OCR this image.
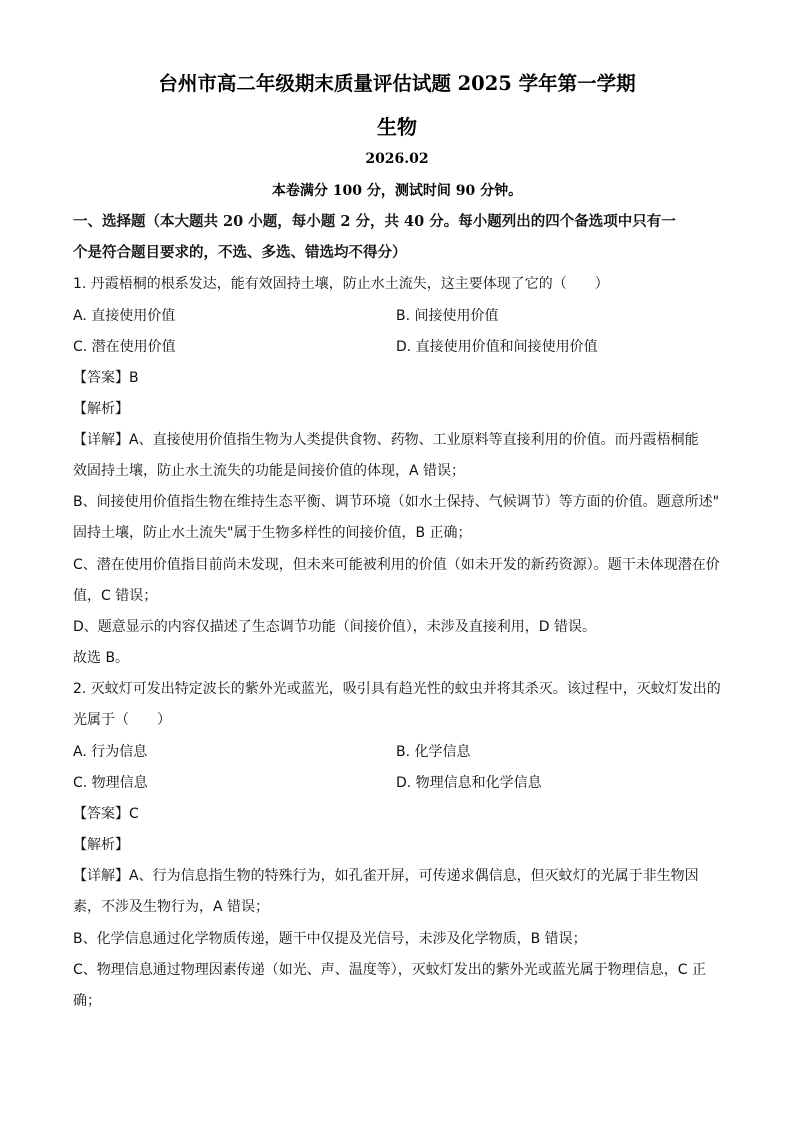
台州市高二年级期末质量评估试题 2025 学年第一学期
生物
2026.02
本卷满分 100 分，测试时间 90 分钟。
一、选择题（本大题共 20 小题，每小题 2 分，共 40 分。每小题列出的四个备选项中只有一
个是符合题目要求的，不选、多选、错选均不得分）
1. 丹霞梧桐的根系发达，能有效固持土壤，防止水土流失，这主要体现了它的（　　）
A. 直接使用价值	B. 间接使用价值
C. 潜在使用价值	D. 直接使用价值和间接使用价值
【答案】B
【解析】
【详解】A、直接使用价值指生物为人类提供食物、药物、工业原料等直接利用的价值。而丹霞梧桐能
效固持土壤，防止水土流失的功能是间接价值的体现，A 错误；
B、间接使用价值指生物在维持生态平衡、调节环境（如水土保持、气候调节）等方面的价值。题意所述"
固持土壤，防止水土流失"属于生物多样性的间接价值，B 正确；
C、潜在使用价值指目前尚未发现，但未来可能被利用的价值（如未开发的新药资源）。题干未体现潜在价
值，C 错误；
D、题意显示的内容仅描述了生态调节功能（间接价值），未涉及直接利用，D 错误。
故选 B。
2. 灭蚊灯可发出特定波长的紫外光或蓝光，吸引具有趋光性的蚊虫并将其杀灭。该过程中，灭蚊灯发出的
光属于（　　）
A. 行为信息	B. 化学信息
C. 物理信息	D. 物理信息和化学信息
【答案】C
【解析】
【详解】A、行为信息指生物的特殊行为，如孔雀开屏，可传递求偶信息，但灭蚊灯的光属于非生物因
素，不涉及生物行为，A 错误；
B、化学信息通过化学物质传递，题干中仅提及光信号，未涉及化学物质，B 错误；
C、物理信息通过物理因素传递（如光、声、温度等），灭蚊灯发出的紫外光或蓝光属于物理信息，C 正
确；
